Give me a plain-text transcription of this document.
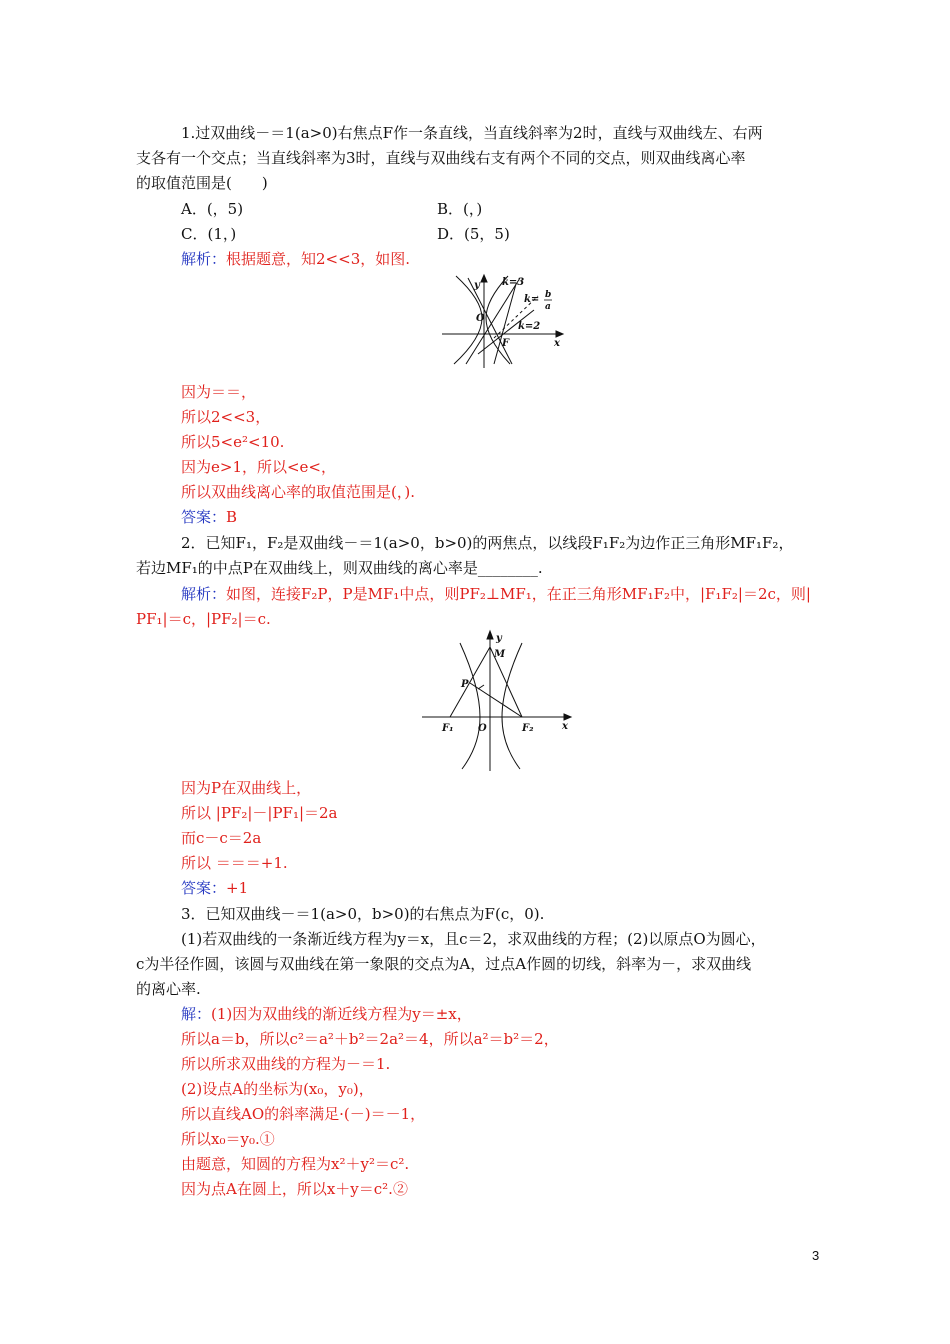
1.过双曲线－＝1(a>0)右焦点F作一条直线，当直线斜率为2时，直线与双曲线左、右两
支各有一个交点；当直线斜率为3时，直线与双曲线右支有两个不同的交点，则双曲线离心率
的取值范围是(　　)
A．(，5)	B．(，)
C．(1，)	D．(5，5)
解析：根据题意，知2<<3，如图.
y k=3
k= b
a
k=2
O
F	x
因为＝＝，
所以2<<3，
所以5<e²<10.
因为e>1，所以<e<，
所以双曲线离心率的取值范围是(，).
答案：B
2．已知F₁，F₂是双曲线－＝1(a>0，b>0)的两焦点，以线段F₁F₂为边作正三角形MF₁F₂，
若边MF₁的中点P在双曲线上，则双曲线的离心率是________.
解析：如图，连接F₂P，P是MF₁中点，则PF₂⊥MF₁，在正三角形MF₁F₂中，|F₁F₂|＝2c，则|
PF₁|＝c，|PF₂|＝c.
y
M
P
F₁ O	F₂	x
因为P在双曲线上，
所以 |PF₂|－|PF₁|＝2a
而c－c＝2a
所以 ＝＝＝+1.
答案：+1
3．已知双曲线－＝1(a>0，b>0)的右焦点为F(c，0).
(1)若双曲线的一条渐近线方程为y＝x，且c＝2，求双曲线的方程；(2)以原点O为圆心，
c为半径作圆，该圆与双曲线在第一象限的交点为A，过点A作圆的切线，斜率为－，求双曲线
的离心率.
解：(1)因为双曲线的渐近线方程为y＝±x，
所以a＝b，所以c²＝a²＋b²＝2a²＝4，所以a²＝b²＝2，
所以所求双曲线的方程为－＝1.
(2)设点A的坐标为(x₀，y₀)，
所以直线AO的斜率满足·(－)＝－1，
所以x₀＝y₀.①
由题意，知圆的方程为x²＋y²＝c².
因为点A在圆上，所以x＋y＝c².②
3
